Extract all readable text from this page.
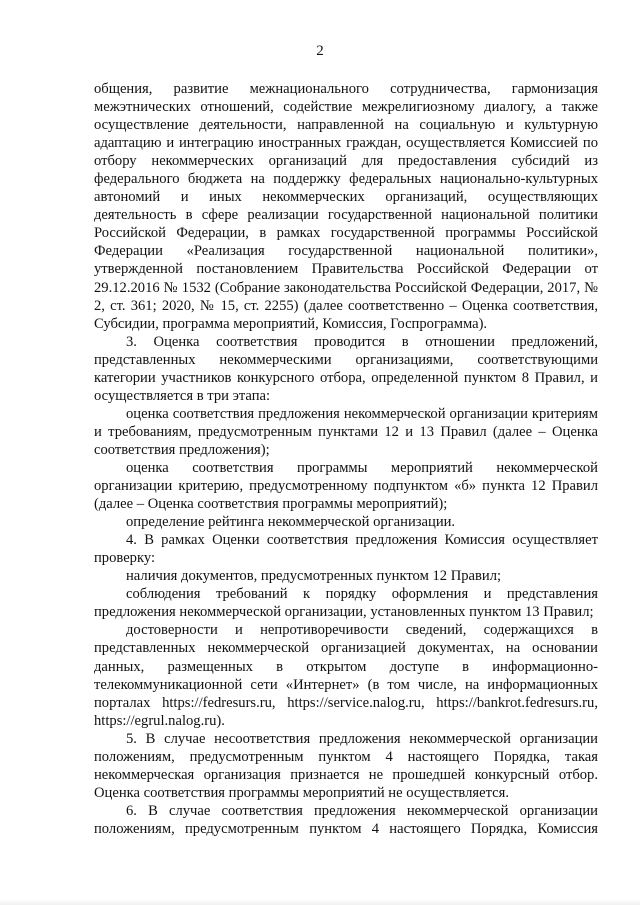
2

общения, развитие межнационального сотрудничества, гармонизация межэтнических отношений, содействие межрелигиозному диалогу, а также осуществление деятельности, направленной на социальную и культурную адаптацию и интеграцию иностранных граждан, осуществляется Комиссией по отбору некоммерческих организаций для предоставления субсидий из федерального бюджета на поддержку федеральных национально-культурных автономий и иных некоммерческих организаций, осуществляющих деятельность в сфере реализации государственной национальной политики Российской Федерации, в рамках государственной программы Российской Федерации «Реализация государственной национальной политики», утвержденной постановлением Правительства Российской Федерации от 29.12.2016 № 1532 (Собрание законодательства Российской Федерации, 2017, № 2, ст. 361; 2020, № 15, ст. 2255) (далее соответственно – Оценка соответствия, Субсидии, программа мероприятий, Комиссия, Госпрограмма).

3. Оценка соответствия проводится в отношении предложений, представленных некоммерческими организациями, соответствующими категории участников конкурсного отбора, определенной пунктом 8 Правил, и осуществляется в три этапа:

оценка соответствия предложения некоммерческой организации критериям и требованиям, предусмотренным пунктами 12 и 13 Правил (далее – Оценка соответствия предложения);

оценка соответствия программы мероприятий некоммерческой организации критерию, предусмотренному подпунктом «б» пункта 12 Правил (далее – Оценка соответствия программы мероприятий);

определение рейтинга некоммерческой организации.

4. В рамках Оценки соответствия предложения Комиссия осуществляет проверку:

наличия документов, предусмотренных пунктом 12 Правил;

соблюдения требований к порядку оформления и представления предложения некоммерческой организации, установленных пунктом 13 Правил;

достоверности и непротиворечивости сведений, содержащихся в представленных некоммерческой организацией документах, на основании данных, размещенных в открытом доступе в информационно-телекоммуникационной сети «Интернет» (в том числе, на информационных порталах https://fedresurs.ru, https://service.nalog.ru, https://bankrot.fedresurs.ru, https://egrul.nalog.ru).

5. В случае несоответствия предложения некоммерческой организации положениям, предусмотренным пунктом 4 настоящего Порядка, такая некоммерческая организация признается не прошедшей конкурсный отбор. Оценка соответствия программы мероприятий не осуществляется.

6. В случае соответствия предложения некоммерческой организации положениям, предусмотренным пунктом 4 настоящего Порядка, Комиссия
